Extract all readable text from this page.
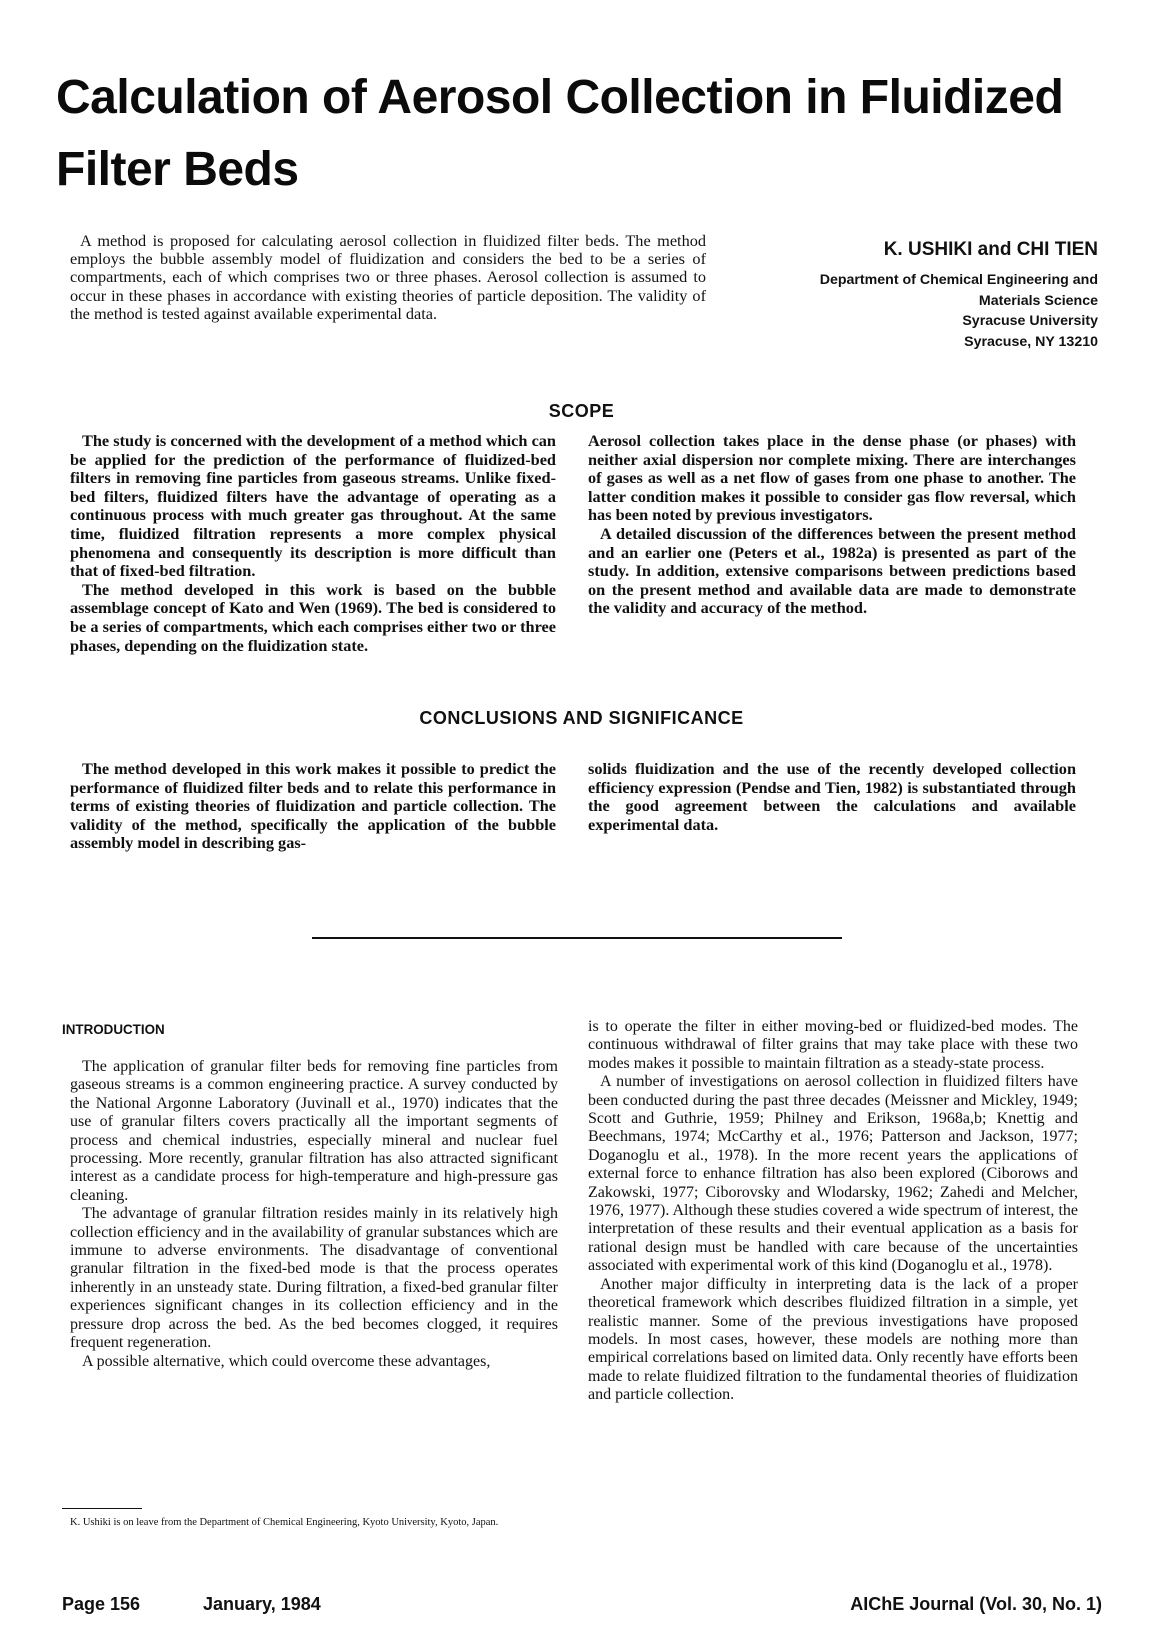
Calculation of Aerosol Collection in Fluidized Filter Beds
A method is proposed for calculating aerosol collection in fluidized filter beds. The method employs the bubble assembly model of fluidization and considers the bed to be a series of compartments, each of which comprises two or three phases. Aerosol collection is assumed to occur in these phases in accordance with existing theories of particle deposition. The validity of the method is tested against available experimental data.
K. USHIKI and CHI TIEN
Department of Chemical Engineering and
Materials Science
Syracuse University
Syracuse, NY 13210
SCOPE

The study is concerned with the development of a method which can be applied for the prediction of the performance of fluidized-bed filters in removing fine particles from gaseous streams. Unlike fixed-bed filters, fluidized filters have the advantage of operating as a continuous process with much greater gas throughout. At the same time, fluidized filtration represents a more complex physical phenomena and consequently its description is more difficult than that of fixed-bed filtration.

The method developed in this work is based on the bubble assemblage concept of Kato and Wen (1969). The bed is considered to be a series of compartments, which each comprises either two or three phases, depending on the fluidization state.

Aerosol collection takes place in the dense phase (or phases) with neither axial dispersion nor complete mixing. There are interchanges of gases as well as a net flow of gases from one phase to another. The latter condition makes it possible to consider gas flow reversal, which has been noted by previous investigators.

A detailed discussion of the differences between the present method and an earlier one (Peters et al., 1982a) is presented as part of the study. In addition, extensive comparisons between predictions based on the present method and available data are made to demonstrate the validity and accuracy of the method.

CONCLUSIONS AND SIGNIFICANCE

The method developed in this work makes it possible to predict the performance of fluidized filter beds and to relate this performance in terms of existing theories of fluidization and particle collection. The validity of the method, specifically the application of the bubble assembly model in describing gas-

solids fluidization and the use of the recently developed collection efficiency expression (Pendse and Tien, 1982) is substantiated through the good agreement between the calculations and available experimental data.

INTRODUCTION

The application of granular filter beds for removing fine particles from gaseous streams is a common engineering practice. A survey conducted by the National Argonne Laboratory (Juvinall et al., 1970) indicates that the use of granular filters covers practically all the important segments of process and chemical industries, especially mineral and nuclear fuel processing. More recently, granular filtration has also attracted significant interest as a candidate process for high-temperature and high-pressure gas cleaning.

The advantage of granular filtration resides mainly in its relatively high collection efficiency and in the availability of granular substances which are immune to adverse environments. The disadvantage of conventional granular filtration in the fixed-bed mode is that the process operates inherently in an unsteady state. During filtration, a fixed-bed granular filter experiences significant changes in its collection efficiency and in the pressure drop across the bed. As the bed becomes clogged, it requires frequent regeneration.

A possible alternative, which could overcome these advantages,

is to operate the filter in either moving-bed or fluidized-bed modes. The continuous withdrawal of filter grains that may take place with these two modes makes it possible to maintain filtration as a steady-state process.

A number of investigations on aerosol collection in fluidized filters have been conducted during the past three decades (Meissner and Mickley, 1949; Scott and Guthrie, 1959; Philney and Erikson, 1968a,b; Knettig and Beechmans, 1974; McCarthy et al., 1976; Patterson and Jackson, 1977; Doganoglu et al., 1978). In the more recent years the applications of external force to enhance filtration has also been explored (Ciborows and Zakowski, 1977; Ciborovsky and Wlodarsky, 1962; Zahedi and Melcher, 1976, 1977). Although these studies covered a wide spectrum of interest, the interpretation of these results and their eventual application as a basis for rational design must be handled with care because of the uncertainties associated with experimental work of this kind (Doganoglu et al., 1978).

Another major difficulty in interpreting data is the lack of a proper theoretical framework which describes fluidized filtration in a simple, yet realistic manner. Some of the previous investigations have proposed models. In most cases, however, these models are nothing more than empirical correlations based on limited data. Only recently have efforts been made to relate fluidized filtration to the fundamental theories of fluidization and particle collection.

K. Ushiki is on leave from the Department of Chemical Engineering, Kyoto University, Kyoto, Japan.
Page 156	January, 1984	AIChE Journal (Vol. 30, No. 1)
